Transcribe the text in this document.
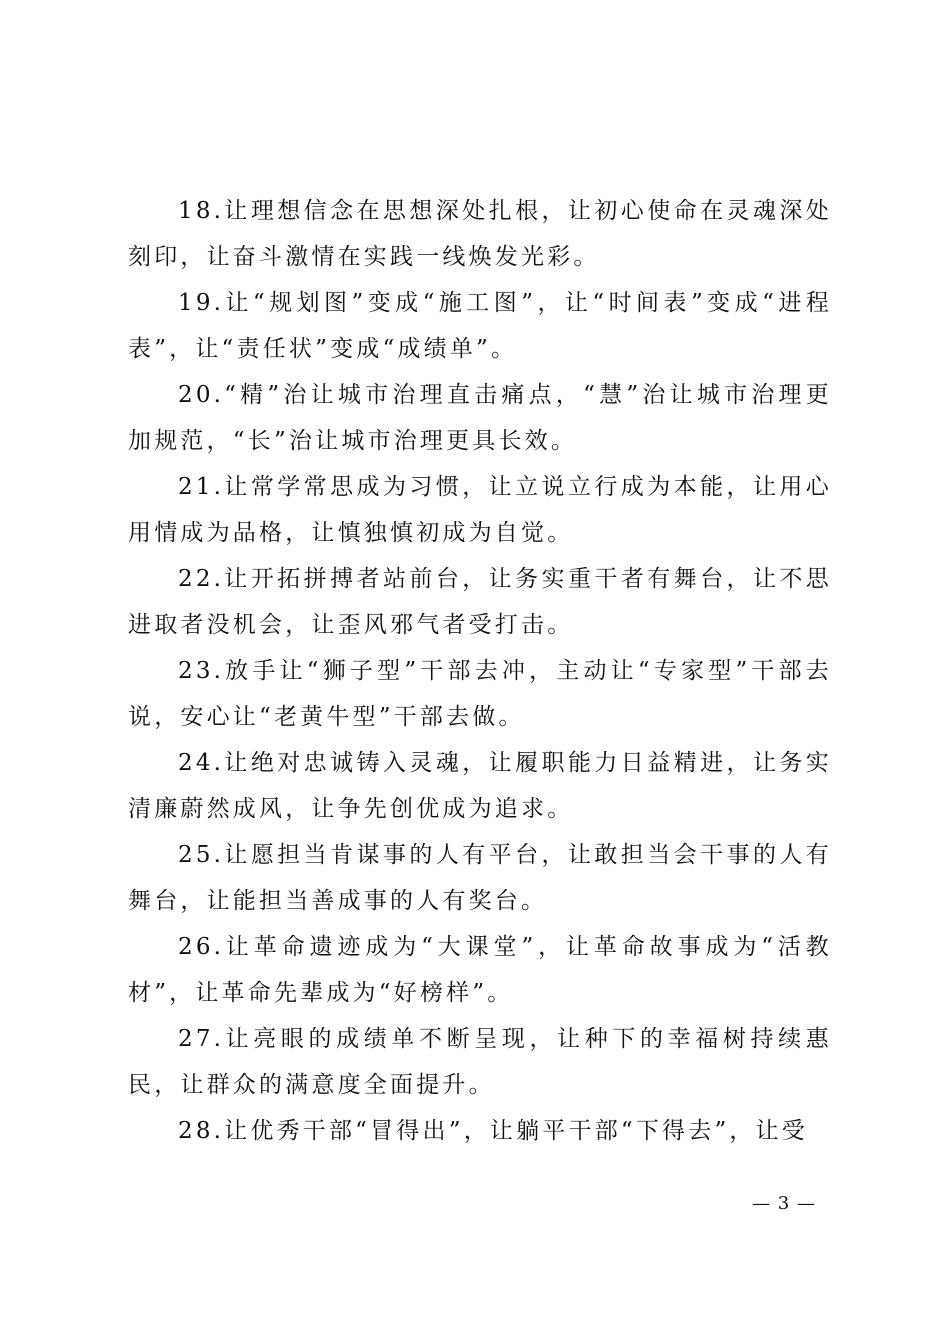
18.让理想信念在思想深处扎根，让初心使命在灵魂深处刻印，让奋斗激情在实践一线焕发光彩。

19.让“规划图”变成“施工图”，让“时间表”变成“进程表”，让“责任状”变成“成绩单”。

20.“精”治让城市治理直击痛点，“慧”治让城市治理更加规范，“长”治让城市治理更具长效。

21.让常学常思成为习惯，让立说立行成为本能，让用心用情成为品格，让慎独慎初成为自觉。

22.让开拓拼搏者站前台，让务实重干者有舞台，让不思进取者没机会，让歪风邪气者受打击。

23.放手让“狮子型”干部去冲，主动让“专家型”干部去说，安心让“老黄牛型”干部去做。

24.让绝对忠诚铸入灵魂，让履职能力日益精进，让务实清廉蔚然成风，让争先创优成为追求。

25.让愿担当肯谋事的人有平台，让敢担当会干事的人有舞台，让能担当善成事的人有奖台。

26.让革命遗迹成为“大课堂”，让革命故事成为“活教材”，让革命先辈成为“好榜样”。

27.让亮眼的成绩单不断呈现，让种下的幸福树持续惠民，让群众的满意度全面提升。

28.让优秀干部“冒得出”，让躺平干部“下得去”，让受

— 3 —
